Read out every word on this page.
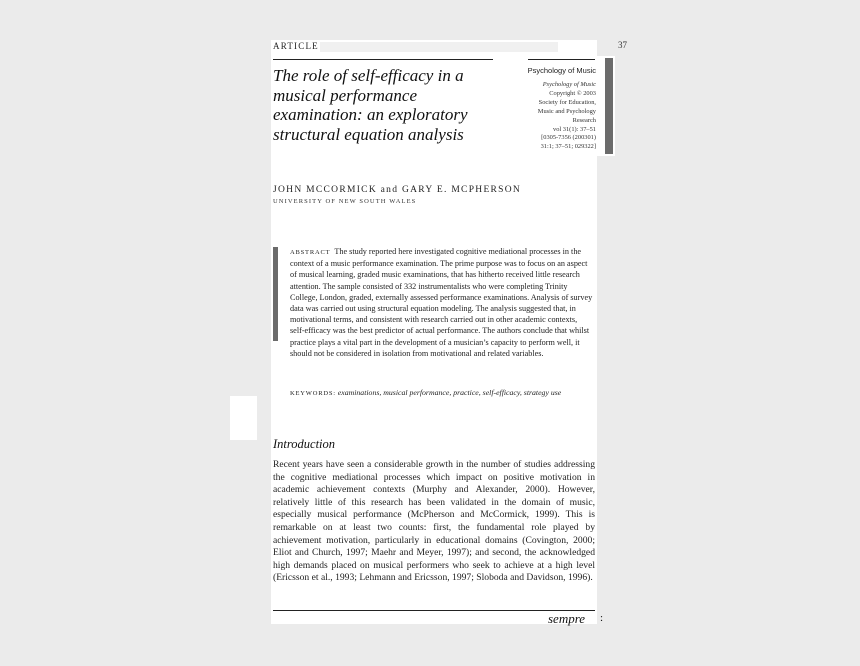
37
ARTICLE
The role of self-efficacy in a musical performance examination: an exploratory structural equation analysis
Psychology of Music
Psychology of Music
Copyright © 2003
Society for Education,
Music and Psychology
Research
vol 31(1): 37–51
[0305-7356 (200301)
31:1; 37–51; 029322]
JOHN MCCORMICK and GARY E. MCPHERSON
UNIVERSITY OF NEW SOUTH WALES
ABSTRACT The study reported here investigated cognitive mediational processes in the context of a music performance examination. The prime purpose was to focus on an aspect of musical learning, graded music examinations, that has hitherto received little research attention. The sample consisted of 332 instrumentalists who were completing Trinity College, London, graded, externally assessed performance examinations. Analysis of survey data was carried out using structural equation modeling. The analysis suggested that, in motivational terms, and consistent with research carried out in other academic contexts, self-efficacy was the best predictor of actual performance. The authors conclude that whilst practice plays a vital part in the development of a musician’s capacity to perform well, it should not be considered in isolation from motivational and related variables.
KEYWORDS: examinations, musical performance, practice, self-efficacy, strategy use
Introduction

Recent years have seen a considerable growth in the number of studies addressing the cognitive mediational processes which impact on positive motivation in academic achievement contexts (Murphy and Alexander, 2000). However, relatively little of this research has been validated in the domain of music, especially musical performance (McPherson and McCormick, 1999). This is remarkable on at least two counts: first, the fundamental role played by achievement motivation, particularly in educational domains (Covington, 2000; Eliot and Church, 1997; Maehr and Meyer, 1997); and second, the acknowledged high demands placed on musical performers who seek to achieve at a high level (Ericsson et al., 1993; Lehmann and Ericsson, 1997; Sloboda and Davidson, 1996).

sempre :
